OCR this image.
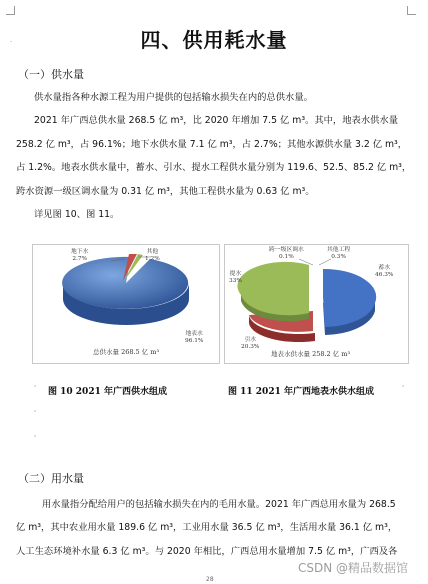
·	四、供用耗水量
（一）供水量

供水量指各种水源工程为用户提供的包括输水损失在内的总供水量。

2021 年广西总供水量 268.5 亿 m³，比 2020 年增加 7.5 亿 m³。其中，地表水供水量

258.2 亿 m³，占 96.1%；地下水供水量 7.1 亿 m³，占 2.7%；其他水源供水量 3.2 亿 m³，

占 1.2%。地表水供水量中，蓄水、引水、提水工程供水量分别为 119.6、52.5、85.2 亿 m³，

跨水资源一级区调水量为 0.31 亿 m³，其他工程供水量为 0.63 亿 m³。

详见图 10、图 11。

地下水
2.7%
其他
1.2%
地表水
96.1%
总供水量 268.5 亿 m³
跨一级区调水
0.1%
其他工程
0.3%
蓄水
46.3%
提水
33%
引水
20.3%
地表水供水量 258.2 亿 m³
图 10 2021 年广西供水组成	图 11 2021 年广西地表水供水组成
,
,
,
,
（二）用水量

用水量指分配给用户的包括输水损失在内的毛用水量。2021 年广西总用水量为 268.5

亿 m³，其中农业用水量 189.6 亿 m³，工业用水量 36.5 亿 m³，生活用水量 36.1 亿 m³，

人工生态环境补水量 6.3 亿 m³。与 2020 年相比，广西总用水量增加 7.5 亿 m³，广西及各

28
CSDN @精品数据馆
